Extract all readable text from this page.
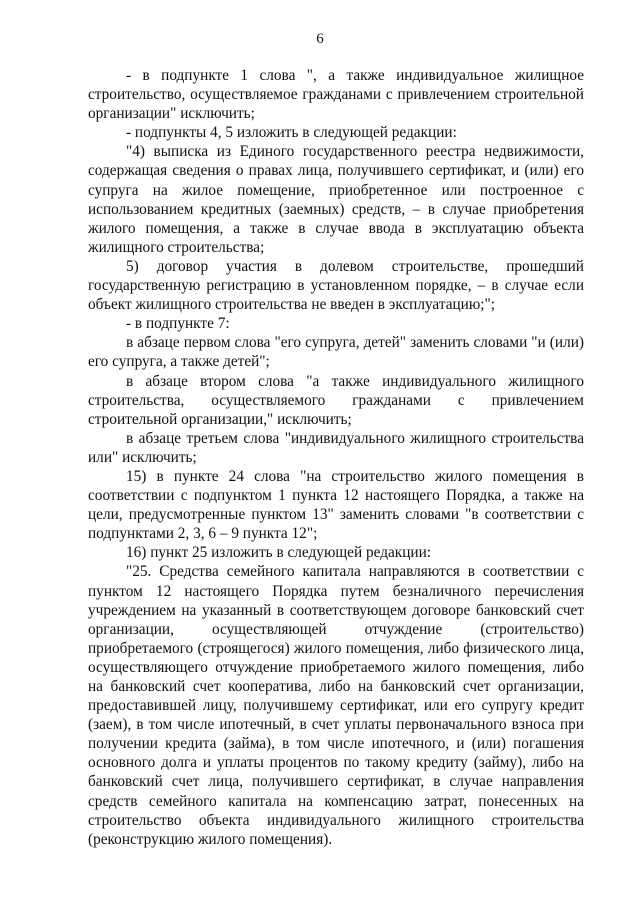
6

- в подпункте 1 слова ", а также индивидуальное жилищное строительство, осуществляемое гражданами с привлечением строительной организации" исключить;

- подпункты 4, 5 изложить в следующей редакции:

"4) выписка из Единого государственного реестра недвижимости, содержащая сведения о правах лица, получившего сертификат, и (или) его супруга на жилое помещение, приобретенное или построенное с использованием кредитных (заемных) средств, – в случае приобретения жилого помещения, а также в случае ввода в эксплуатацию объекта жилищного строительства;

5) договор участия в долевом строительстве, прошедший государственную регистрацию в установленном порядке, – в случае если объект жилищного строительства не введен в эксплуатацию;";

- в подпункте 7:

в абзаце первом слова "его супруга, детей" заменить словами "и (или) его супруга, а также детей";

в абзаце втором слова "а также индивидуального жилищного строительства, осуществляемого гражданами с привлечением строительной организации," исключить;

в абзаце третьем слова "индивидуального жилищного строительства или" исключить;

15) в пункте 24 слова "на строительство жилого помещения в соответствии с подпунктом 1 пункта 12 настоящего Порядка, а также на цели, предусмотренные пунктом 13" заменить словами "в соответствии с подпунктами 2, 3, 6 – 9 пункта 12";

16) пункт 25 изложить в следующей редакции:

"25. Средства семейного капитала направляются в соответствии с пунктом 12 настоящего Порядка путем безналичного перечисления учреждением на указанный в соответствующем договоре банковский счет организации, осуществляющей отчуждение (строительство) приобретаемого (строящегося) жилого помещения, либо физического лица, осуществляющего отчуждение приобретаемого жилого помещения, либо на банковский счет кооператива, либо на банковский счет организации, предоставившей лицу, получившему сертификат, или его супругу кредит (заем), в том числе ипотечный, в счет уплаты первоначального взноса при получении кредита (займа), в том числе ипотечного, и (или) погашения основного долга и уплаты процентов по такому кредиту (займу), либо на банковский счет лица, получившего сертификат, в случае направления средств семейного капитала на компенсацию затрат, понесенных на строительство объекта индивидуального жилищного строительства (реконструкцию жилого помещения).
